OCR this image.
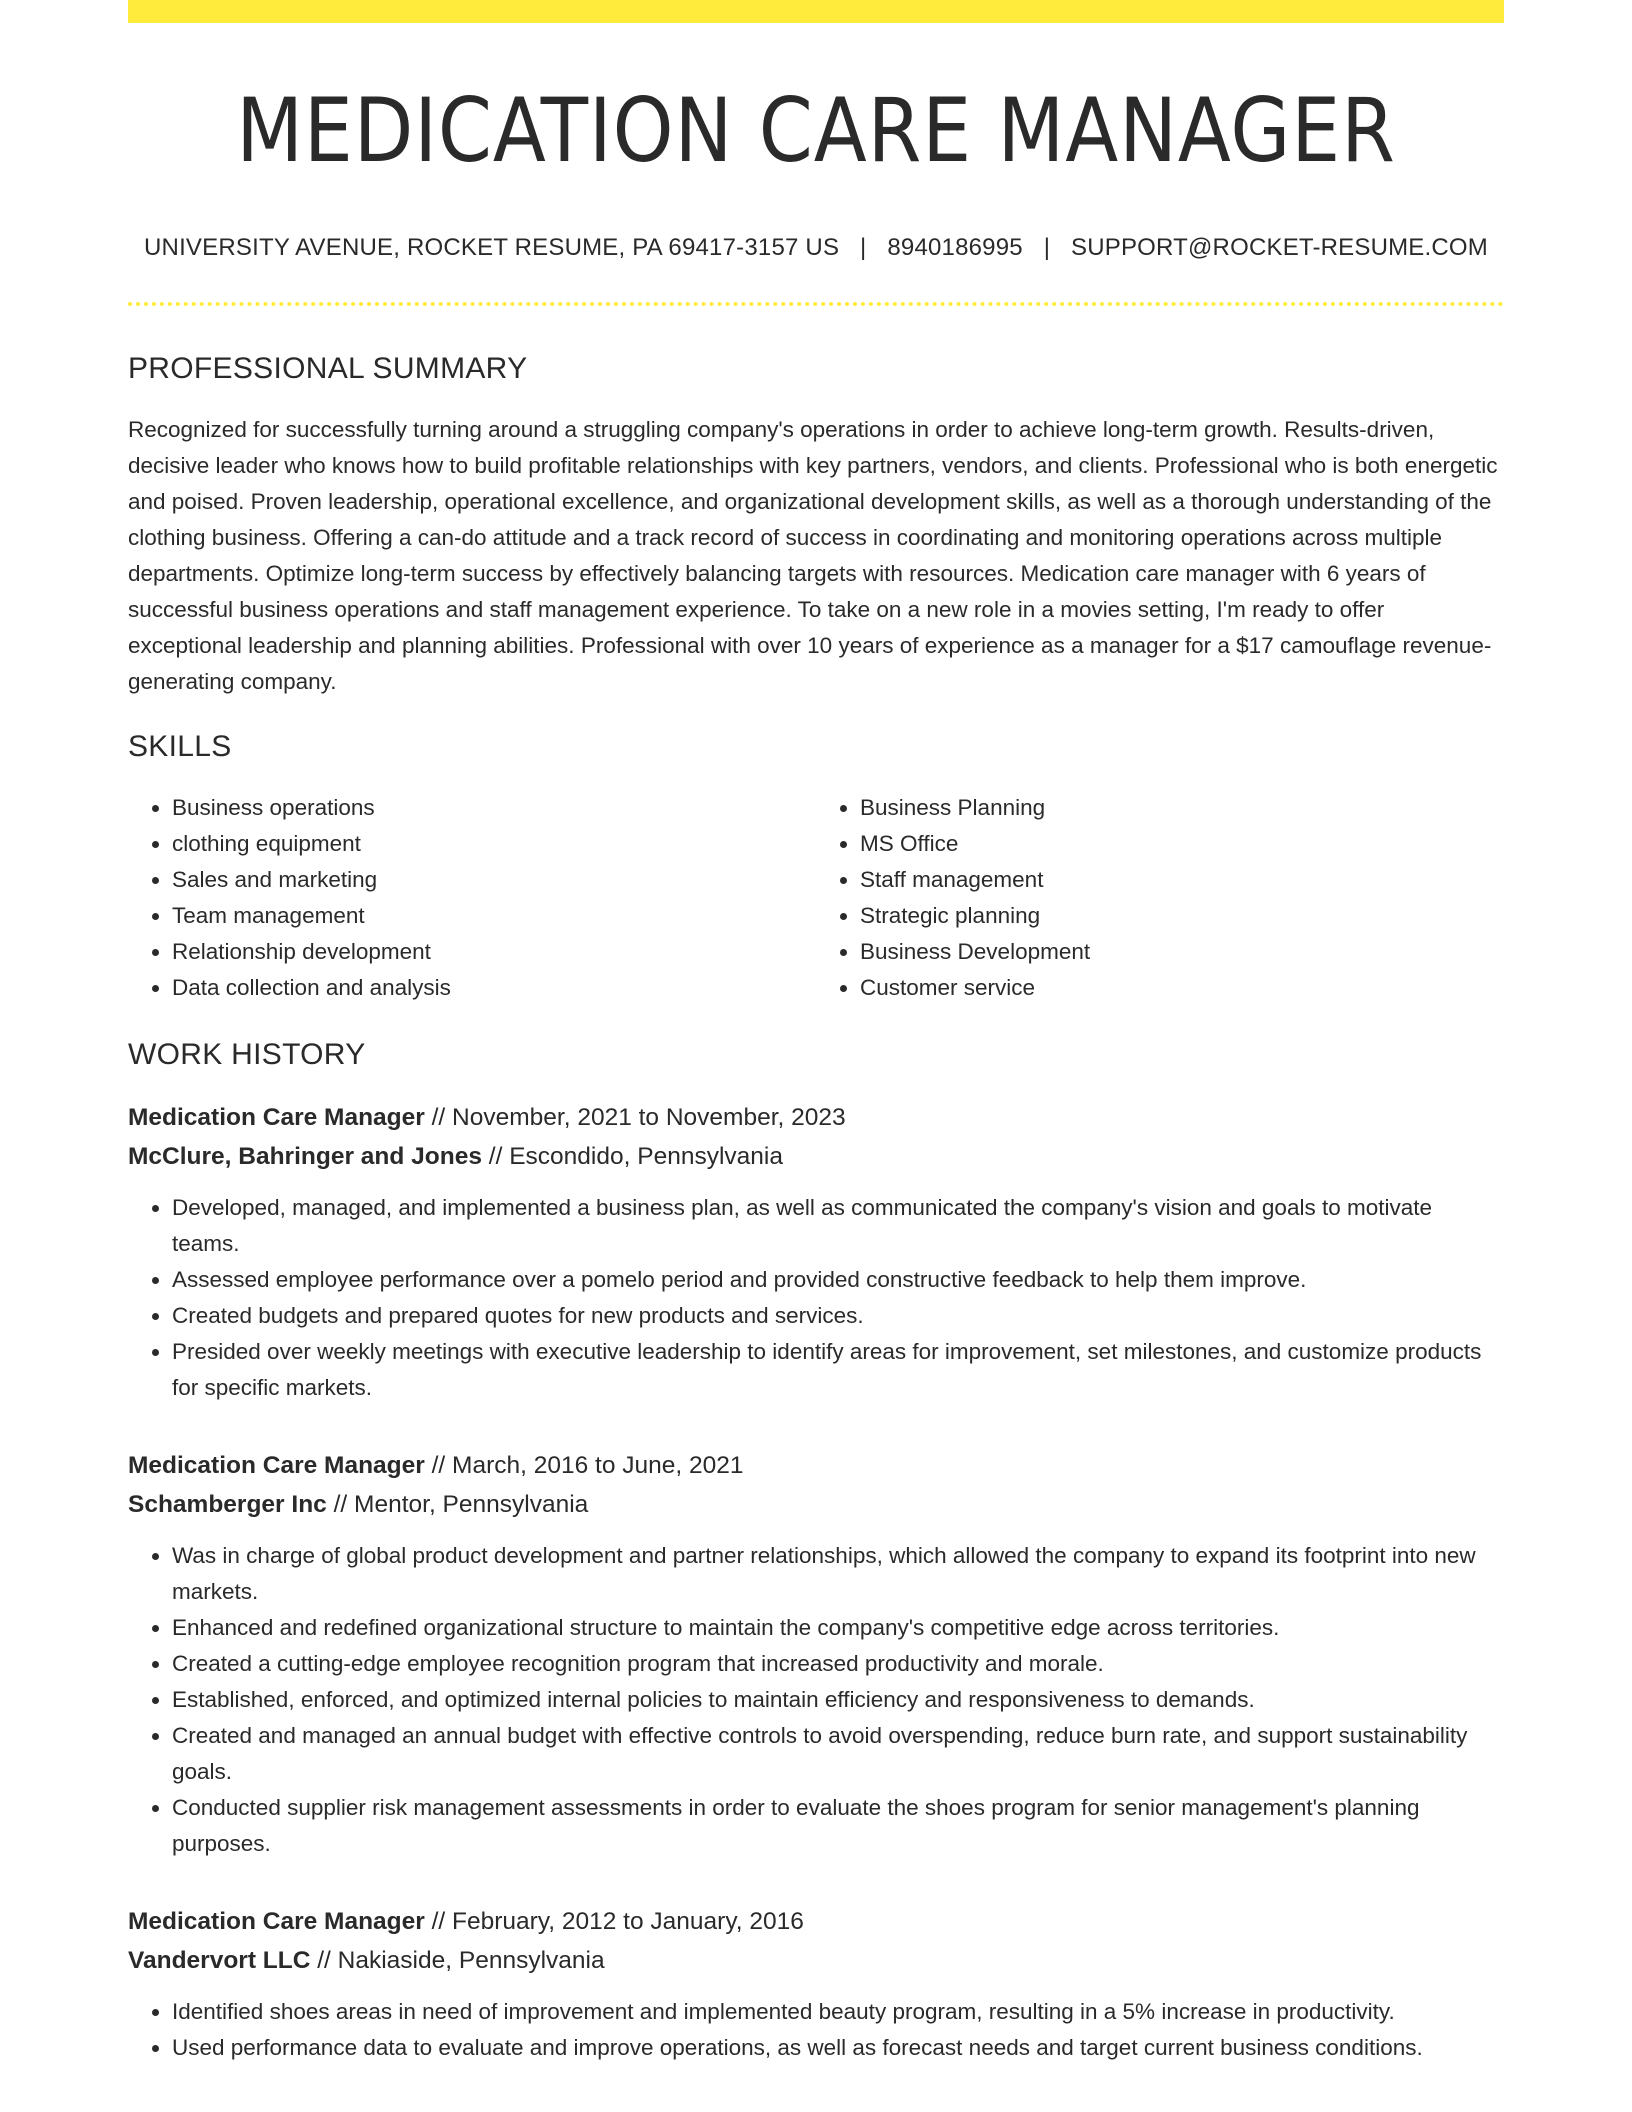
MEDICATION CARE MANAGER
UNIVERSITY AVENUE, ROCKET RESUME, PA 69417-3157 US | 8940186995 | SUPPORT@ROCKET-RESUME.COM
PROFESSIONAL SUMMARY
Recognized for successfully turning around a struggling company's operations in order to achieve long-term growth. Results-driven, decisive leader who knows how to build profitable relationships with key partners, vendors, and clients. Professional who is both energetic and poised. Proven leadership, operational excellence, and organizational development skills, as well as a thorough understanding of the clothing business. Offering a can-do attitude and a track record of success in coordinating and monitoring operations across multiple departments. Optimize long-term success by effectively balancing targets with resources. Medication care manager with 6 years of successful business operations and staff management experience. To take on a new role in a movies setting, I'm ready to offer exceptional leadership and planning abilities. Professional with over 10 years of experience as a manager for a $17 camouflage revenue-generating company.
SKILLS
• Business operations
• clothing equipment
• Sales and marketing
• Team management
• Relationship development
• Data collection and analysis
• Business Planning
• MS Office
• Staff management
• Strategic planning
• Business Development
• Customer service
WORK HISTORY
Medication Care Manager // November, 2021 to November, 2023
McClure, Bahringer and Jones // Escondido, Pennsylvania
• Developed, managed, and implemented a business plan, as well as communicated the company's vision and goals to motivate teams.
• Assessed employee performance over a pomelo period and provided constructive feedback to help them improve.
• Created budgets and prepared quotes for new products and services.
• Presided over weekly meetings with executive leadership to identify areas for improvement, set milestones, and customize products for specific markets.
Medication Care Manager // March, 2016 to June, 2021
Schamberger Inc // Mentor, Pennsylvania
• Was in charge of global product development and partner relationships, which allowed the company to expand its footprint into new markets.
• Enhanced and redefined organizational structure to maintain the company's competitive edge across territories.
• Created a cutting-edge employee recognition program that increased productivity and morale.
• Established, enforced, and optimized internal policies to maintain efficiency and responsiveness to demands.
• Created and managed an annual budget with effective controls to avoid overspending, reduce burn rate, and support sustainability goals.
• Conducted supplier risk management assessments in order to evaluate the shoes program for senior management's planning purposes.
Medication Care Manager // February, 2012 to January, 2016
Vandervort LLC // Nakiaside, Pennsylvania
• Identified shoes areas in need of improvement and implemented beauty program, resulting in a 5% increase in productivity.
• Used performance data to evaluate and improve operations, as well as forecast needs and target current business conditions.
